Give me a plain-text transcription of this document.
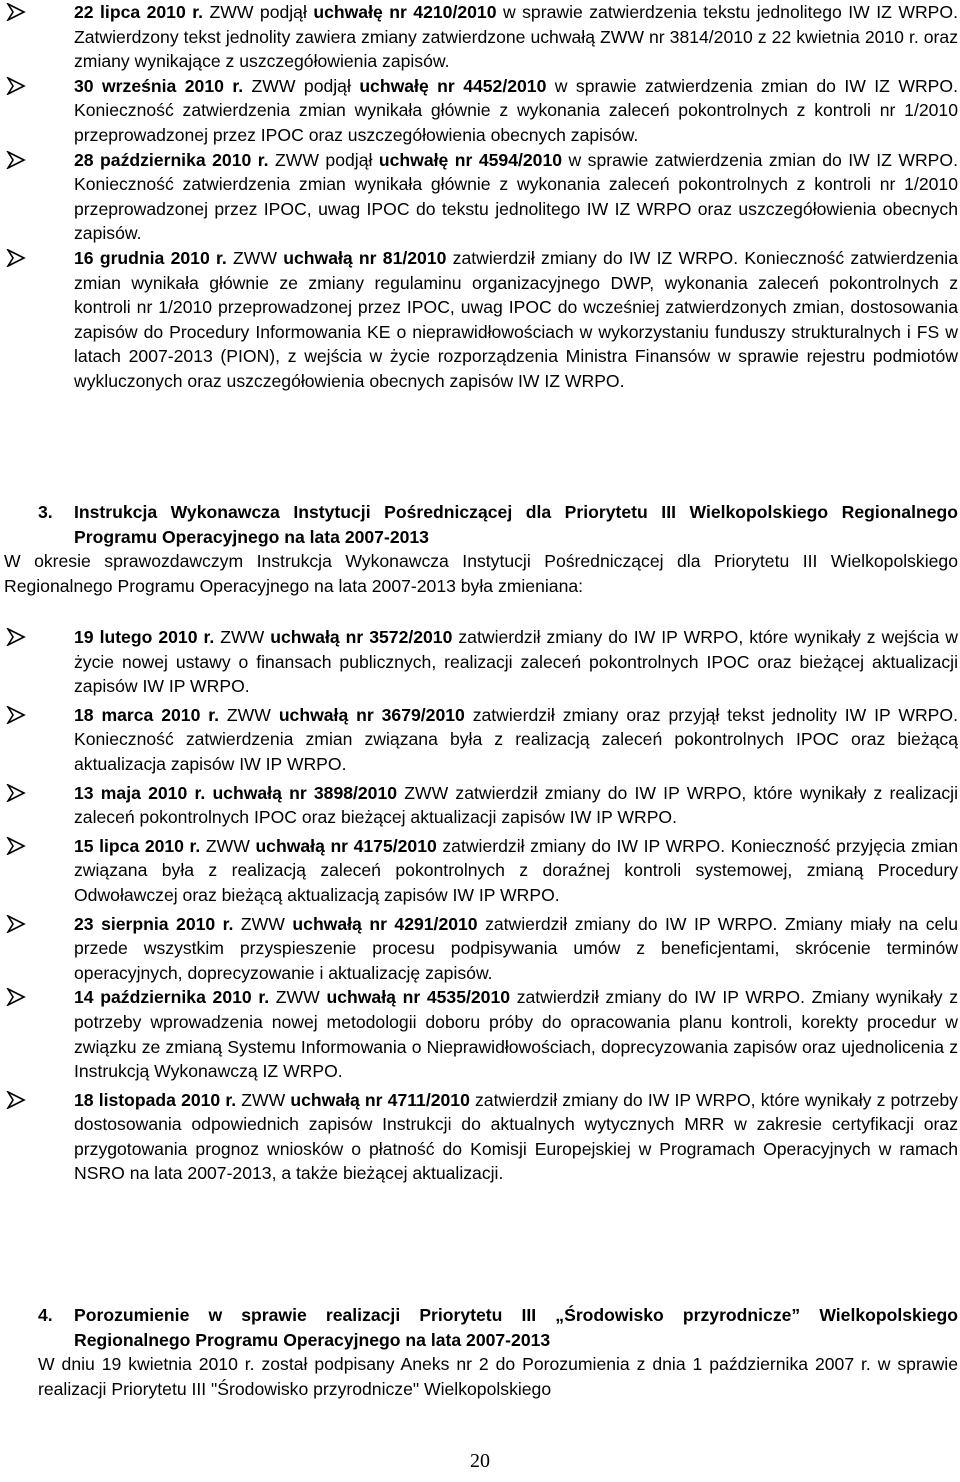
22 lipca 2010 r. ZWW podjął uchwałę nr 4210/2010 w sprawie zatwierdzenia tekstu jednolitego IW IZ WRPO. Zatwierdzony tekst jednolity zawiera zmiany zatwierdzone uchwałą ZWW nr 3814/2010 z 22 kwietnia 2010 r. oraz zmiany wynikające z uszczegółowienia zapisów.

30 września 2010 r. ZWW podjął uchwałę nr 4452/2010 w sprawie zatwierdzenia zmian do IW IZ WRPO. Konieczność zatwierdzenia zmian wynikała głównie z wykonania zaleceń pokontrolnych z kontroli nr 1/2010 przeprowadzonej przez IPOC oraz uszczegółowienia obecnych zapisów.

28 października 2010 r. ZWW podjął uchwałę nr 4594/2010 w sprawie zatwierdzenia zmian do IW IZ WRPO. Konieczność zatwierdzenia zmian wynikała głównie z wykonania zaleceń pokontrolnych z kontroli nr 1/2010 przeprowadzonej przez IPOC, uwag IPOC do tekstu jednolitego IW IZ WRPO oraz uszczegółowienia obecnych zapisów.

16 grudnia 2010 r. ZWW uchwałą nr 81/2010 zatwierdził zmiany do IW IZ WRPO. Konieczność zatwierdzenia zmian wynikała głównie ze zmiany regulaminu organizacyjnego DWP, wykonania zaleceń pokontrolnych z kontroli nr 1/2010 przeprowadzonej przez IPOC, uwag IPOC do wcześniej zatwierdzonych zmian, dostosowania zapisów do Procedury Informowania KE o nieprawidłowościach w wykorzystaniu funduszy strukturalnych i FS w latach 2007-2013 (PION), z wejścia w życie rozporządzenia Ministra Finansów w sprawie rejestru podmiotów wykluczonych oraz uszczegółowienia obecnych zapisów IW IZ WRPO.

3. Instrukcja Wykonawcza Instytucji Pośredniczącej dla Priorytetu III Wielkopolskiego Regionalnego Programu Operacyjnego na lata 2007-2013

W okresie sprawozdawczym Instrukcja Wykonawcza Instytucji Pośredniczącej dla Priorytetu III Wielkopolskiego Regionalnego Programu Operacyjnego na lata 2007-2013 była zmieniana:

19 lutego 2010 r. ZWW uchwałą nr 3572/2010 zatwierdził zmiany do IW IP WRPO, które wynikały z wejścia w życie nowej ustawy o finansach publicznych, realizacji zaleceń pokontrolnych IPOC oraz bieżącej aktualizacji zapisów IW IP WRPO.

18 marca 2010 r. ZWW uchwałą nr 3679/2010 zatwierdził zmiany oraz przyjął tekst jednolity IW IP WRPO. Konieczność zatwierdzenia zmian związana była z realizacją zaleceń pokontrolnych IPOC oraz bieżącą aktualizacja zapisów IW IP WRPO.

13 maja 2010 r. uchwałą nr 3898/2010 ZWW zatwierdził zmiany do IW IP WRPO, które wynikały z realizacji zaleceń pokontrolnych IPOC oraz bieżącej aktualizacji zapisów IW IP WRPO.

15 lipca 2010 r. ZWW uchwałą nr 4175/2010 zatwierdził zmiany do IW IP WRPO. Konieczność przyjęcia zmian związana była z realizacją zaleceń pokontrolnych z doraźnej kontroli systemowej, zmianą Procedury Odwoławczej oraz bieżącą aktualizacją zapisów IW IP WRPO.

23 sierpnia 2010 r. ZWW uchwałą nr 4291/2010 zatwierdził zmiany do IW IP WRPO. Zmiany miały na celu przede wszystkim przyspieszenie procesu podpisywania umów z beneficjentami, skrócenie terminów operacyjnych, doprecyzowanie i aktualizację zapisów.

14 października 2010 r. ZWW uchwałą nr 4535/2010 zatwierdził zmiany do IW IP WRPO. Zmiany wynikały z potrzeby wprowadzenia nowej metodologii doboru próby do opracowania planu kontroli, korekty procedur w związku ze zmianą Systemu Informowania o Nieprawidłowościach, doprecyzowania zapisów oraz ujednolicenia z Instrukcją Wykonawczą IZ WRPO.

18 listopada 2010 r. ZWW uchwałą nr 4711/2010 zatwierdził zmiany do IW IP WRPO, które wynikały z potrzeby dostosowania odpowiednich zapisów Instrukcji do aktualnych wytycznych MRR w zakresie certyfikacji oraz przygotowania prognoz wniosków o płatność do Komisji Europejskiej w Programach Operacyjnych w ramach NSRO na lata 2007-2013, a także bieżącej aktualizacji.

4. Porozumienie w sprawie realizacji Priorytetu III „Środowisko przyrodnicze” Wielkopolskiego Regionalnego Programu Operacyjnego na lata 2007-2013

W dniu 19 kwietnia 2010 r. został podpisany Aneks nr 2 do Porozumienia z dnia 1 października 2007 r. w sprawie realizacji Priorytetu III "Środowisko przyrodnicze" Wielkopolskiego

20
